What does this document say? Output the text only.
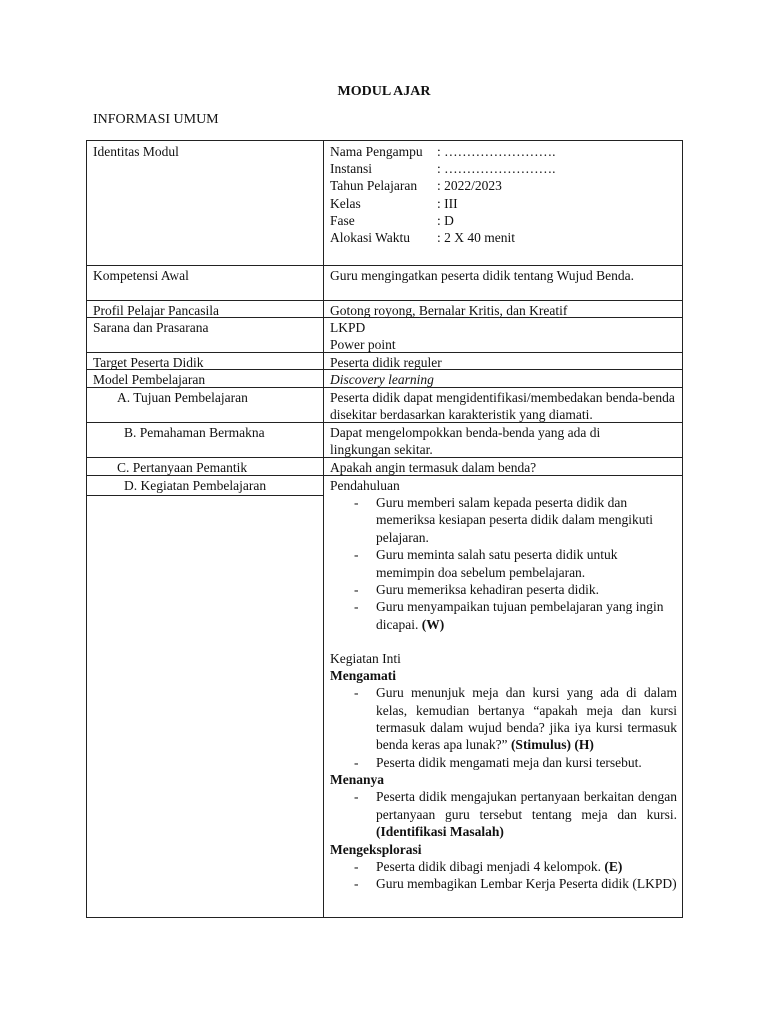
MODUL AJAR
INFORMASI UMUM
Identitas Modul	Nama Pengampu : …………………….
Instansi	: …………………….
Tahun Pelajaran : 2022/2023
Kelas	: III
Fase	: D
Alokasi Waktu : 2 X 40 menit
Kompetensi Awal	Guru mengingatkan peserta didik tentang Wujud Benda.
Profil Pelajar Pancasila	Gotong royong, Bernalar Kritis, dan Kreatif
Sarana dan Prasarana	LKPD
Power point
Target Peserta Didik	Peserta didik reguler
Model Pembelajaran	Discovery learning
A. Tujuan Pembelajaran	Peserta didik dapat mengidentifikasi/membedakan benda-benda disekitar berdasarkan karakteristik yang diamati.
B. Pemahaman Bermakna	Dapat mengelompokkan benda-benda yang ada di lingkungan sekitar.
C. Pertanyaan Pemantik	Apakah angin termasuk dalam benda?
D. Kegiatan Pembelajaran	Pendahuluan
- Guru memberi salam kepada peserta didik dan memeriksa kesiapan peserta didik dalam mengikuti pelajaran.
- Guru meminta salah satu peserta didik untuk memimpin doa sebelum pembelajaran.
- Guru memeriksa kehadiran peserta didik.
- Guru menyampaikan tujuan pembelajaran yang ingin dicapai. (W)
Kegiatan Inti
Mengamati
- Guru menunjuk meja dan kursi yang ada di dalam kelas, kemudian bertanya “apakah meja dan kursi termasuk dalam wujud benda? jika iya kursi termasuk benda keras apa lunak?” (Stimulus) (H)
- Peserta didik mengamati meja dan kursi tersebut.
Menanya
- Peserta didik mengajukan pertanyaan berkaitan dengan pertanyaan guru tersebut tentang meja dan kursi. (Identifikasi Masalah)
Mengeksplorasi
- Peserta didik dibagi menjadi 4 kelompok. (E)
- Guru membagikan Lembar Kerja Peserta didik (LKPD)
